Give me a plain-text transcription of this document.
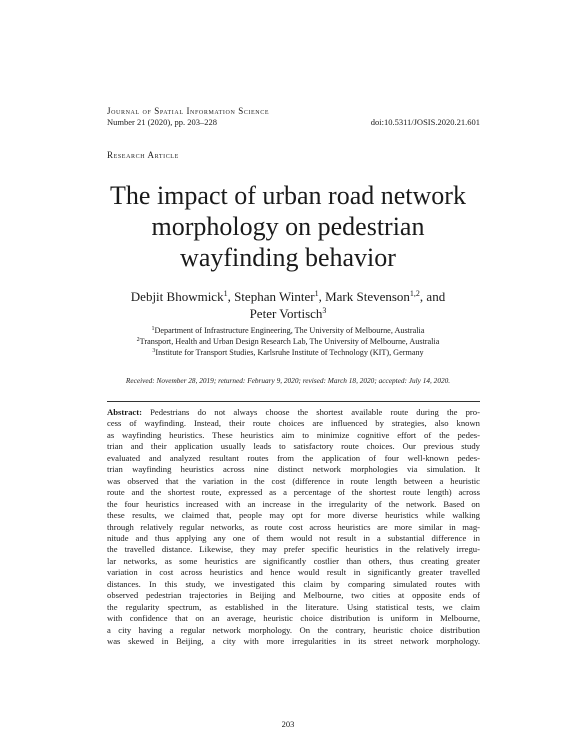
Journal of Spatial Information Science
Number 21 (2020), pp. 203–228	doi:10.5311/JOSIS.2020.21.601
Research Article
The impact of urban road network
morphology on pedestrian
wayfinding behavior
Debjit Bhowmick$^1$, Stephan Winter$^1$, Mark Stevenson$^{1,2}$, and
Peter Vortisch$^3$
$^1$Department of Infrastructure Engineering, The University of Melbourne, Australia
$^2$Transport, Health and Urban Design Research Lab, The University of Melbourne, Australia
$^3$Institute for Transport Studies, Karlsruhe Institute of Technology (KIT), Germany
Received: November 28, 2019; returned: February 9, 2020; revised: March 18, 2020; accepted: July 14, 2020.
Abstract: Pedestrians do not always choose the shortest available route during the pro-
cess of wayfinding. Instead, their route choices are influenced by strategies, also known
as wayfinding heuristics. These heuristics aim to minimize cognitive effort of the pedes-
trian and their application usually leads to satisfactory route choices. Our previous study
evaluated and analyzed resultant routes from the application of four well-known pedes-
trian wayfinding heuristics across nine distinct network morphologies via simulation. It
was observed that the variation in the cost (difference in route length between a heuristic
route and the shortest route, expressed as a percentage of the shortest route length) across
the four heuristics increased with an increase in the irregularity of the network. Based on
these results, we claimed that, people may opt for more diverse heuristics while walking
through relatively regular networks, as route cost across heuristics are more similar in mag-
nitude and thus applying any one of them would not result in a substantial difference in
the travelled distance. Likewise, they may prefer specific heuristics in the relatively irregu-
lar networks, as some heuristics are significantly costlier than others, thus creating greater
variation in cost across heuristics and hence would result in significantly greater travelled
distances. In this study, we investigated this claim by comparing simulated routes with
observed pedestrian trajectories in Beijing and Melbourne, two cities at opposite ends of
the regularity spectrum, as established in the literature. Using statistical tests, we claim
with confidence that on an average, heuristic choice distribution is uniform in Melbourne,
a city having a regular network morphology. On the contrary, heuristic choice distribution
was skewed in Beijing, a city with more irregularities in its street network morphology.
203
